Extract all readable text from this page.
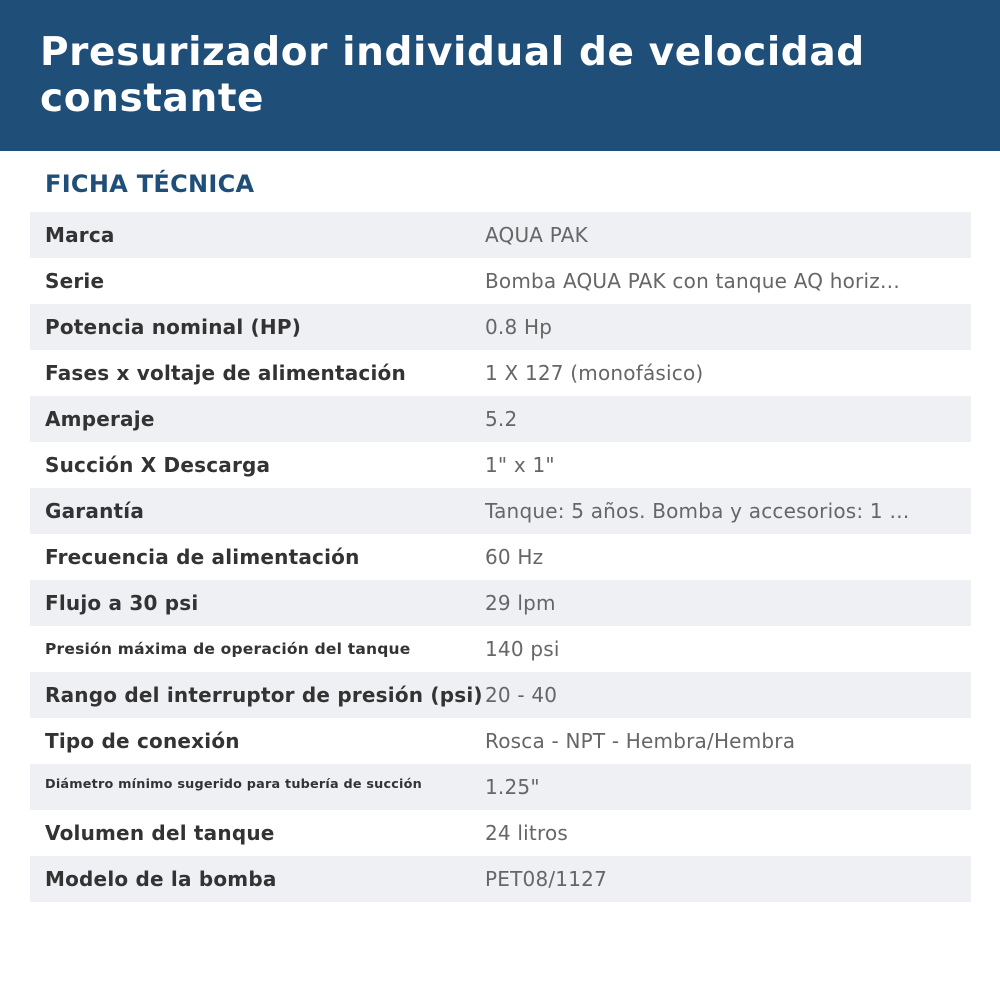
Presurizador individual de velocidad constante
FICHA TÉCNICA
Marca	AQUA PAK
Serie	Bomba AQUA PAK con tanque AQ horiz…
Potencia nominal (HP)	0.8 Hp
Fases x voltaje de alimentación	1 X 127 (monofásico)
Amperaje	5.2
Succión X Descarga	1" x 1"
Garantía	Tanque: 5 años. Bomba y accesorios: 1 …
Frecuencia de alimentación	60 Hz
Flujo a 30 psi	29 lpm
Presión máxima de operación del tanque	140 psi
Rango del interruptor de presión (psi) 20 - 40
Tipo de conexión	Rosca - NPT - Hembra/Hembra
Diámetro mínimo sugerido para tubería de succión	1.25"
Volumen del tanque	24 litros
Modelo de la bomba	PET08/1127
